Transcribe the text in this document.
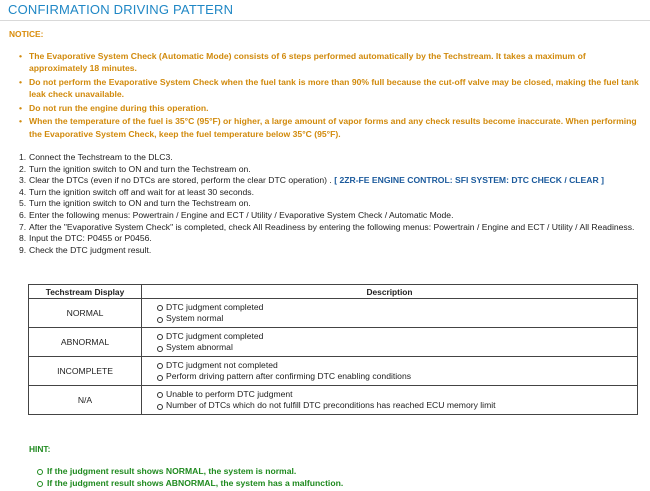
CONFIRMATION DRIVING PATTERN
NOTICE:
• The Evaporative System Check (Automatic Mode) consists of 6 steps performed automatically by the Techstream. It takes a maximum of approximately 18 minutes.
• Do not perform the Evaporative System Check when the fuel tank is more than 90% full because the cut-off valve may be closed, making the fuel tank leak check unavailable.
• Do not run the engine during this operation.
• When the temperature of the fuel is 35°C (95°F) or higher, a large amount of vapor forms and any check results become inaccurate. When performing the Evaporative System Check, keep the fuel temperature below 35°C (95°F).
1. Connect the Techstream to the DLC3.
2. Turn the ignition switch to ON and turn the Techstream on.
3. Clear the DTCs (even if no DTCs are stored, perform the clear DTC operation) . [ 2ZR-FE ENGINE CONTROL: SFI SYSTEM: DTC CHECK / CLEAR ]
4. Turn the ignition switch off and wait for at least 30 seconds.
5. Turn the ignition switch to ON and turn the Techstream on.
6. Enter the following menus: Powertrain / Engine and ECT / Utility / Evaporative System Check / Automatic Mode.
7. After the "Evaporative System Check" is completed, check All Readiness by entering the following menus: Powertrain / Engine and ECT / Utility / All Readiness.
8. Input the DTC: P0455 or P0456.
9. Check the DTC judgment result.
Techstream Display	Description
NORMAL	DTC judgment completed
System normal

ABNORMAL	DTC judgment completed
System abnormal

INCOMPLETE	DTC judgment not completed
Perform driving pattern after confirming DTC enabling conditions

N/A	Unable to perform DTC judgment
Number of DTCs which do not fulfill DTC preconditions has reached ECU memory limit
HINT:
If the judgment result shows NORMAL, the system is normal.
If the judgment result shows ABNORMAL, the system has a malfunction.
